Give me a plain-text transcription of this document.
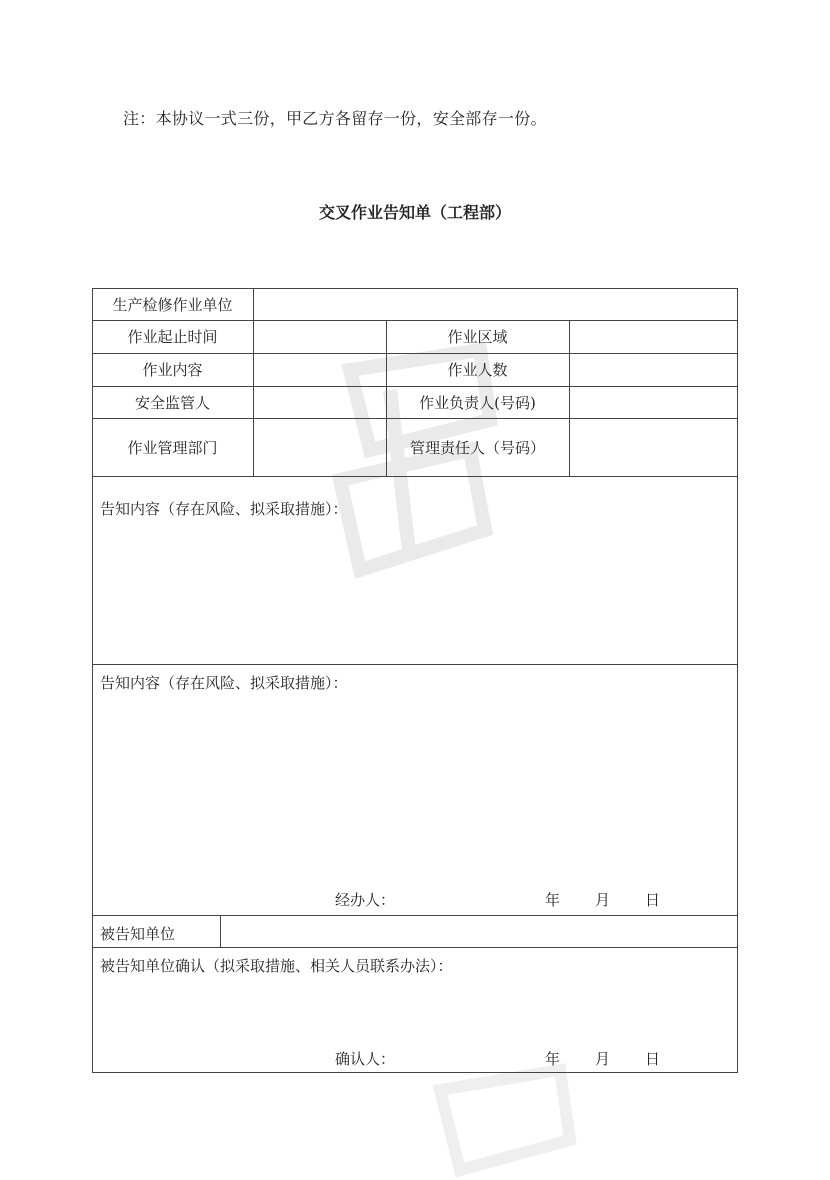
注：本协议一式三份，甲乙方各留存一份，安全部存一份。
交叉作业告知单（工程部）
生产检修作业单位
作业起止时间	作业区域
作业内容	作业人数
安全监管人	作业负责人(号码)
作业管理部门	管理责任人（号码）
告知内容（存在风险、拟采取措施）：
告知内容（存在风险、拟采取措施）：
经办人：	年 月 日
被告知单位
被告知单位确认（拟采取措施、相关人员联系办法）：
确认人：	年 月 日
